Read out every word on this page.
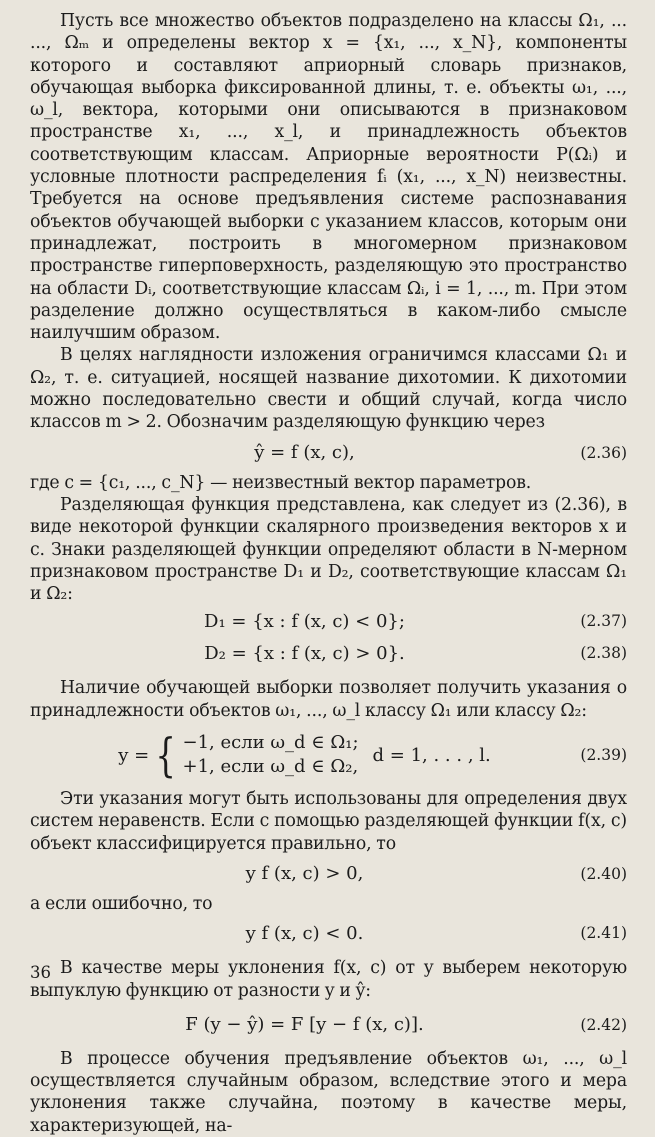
Пусть все множество объектов подразделено на классы Ω₁, ... ..., Ωₘ и определены вектор x = {x₁, ..., x_N}, компоненты которого и составляют априорный словарь признаков, обучающая выборка фиксированной длины, т. е. объекты ω₁, ..., ω_l, вектора, которыми они описываются в признаковом пространстве x₁, ..., x_l, и принадлежность объектов соответствующим классам. Априорные вероятности P(Ωᵢ) и условные плотности распределения fᵢ (x₁, ..., x_N) неизвестны. Требуется на основе предъявления системе распознавания объектов обучающей выборки с указанием классов, которым они принадлежат, построить в многомерном признаковом пространстве гиперповерхность, разделяющую это пространство на области Dᵢ, соответствующие классам Ωᵢ, i = 1, ..., m. При этом разделение должно осуществляться в каком-либо смысле наилучшим образом.

В целях наглядности изложения ограничимся классами Ω₁ и Ω₂, т. е. ситуацией, носящей название дихотомии. К дихотомии можно последовательно свести и общий случай, когда число классов m > 2. Обозначим разделяющую функцию через

ŷ = f (x, c),	(2.36)

где c = {c₁, ..., c_N} — неизвестный вектор параметров.

Разделяющая функция представлена, как следует из (2.36), в виде некоторой функции скалярного произведения векторов x и c. Знаки разделяющей функции определяют области в N-мерном признаковом пространстве D₁ и D₂, соответствующие классам Ω₁ и Ω₂:

D₁ = {x : f (x, c) < 0};	(2.37)
D₂ = {x : f (x, c) > 0}.	(2.38)

Наличие обучающей выборки позволяет получить указания о принадлежности объектов ω₁, ..., ω_l классу Ω₁ или классу Ω₂:

y = { −1, если ω_d ∈ Ω₁;
+1, если ω_d ∈ Ω₂,
d = 1, . . . , l.	(2.39)

Эти указания могут быть использованы для определения двух систем неравенств. Если с помощью разделяющей функции f(x, c) объект классифицируется правильно, то

y f (x, c) > 0,	(2.40)

а если ошибочно, то

y f (x, c) < 0.	(2.41)

В качестве меры уклонения f(x, c) от y выберем некоторую выпуклую функцию от разности y и ŷ:

F (y − ŷ) = F [y − f (x, c)].	(2.42)

В процессе обучения предъявление объектов ω₁, ..., ω_l осуществляется случайным образом, вследствие этого и мера уклонения также случайна, поэтому в качестве меры, характеризующей, на-

36
